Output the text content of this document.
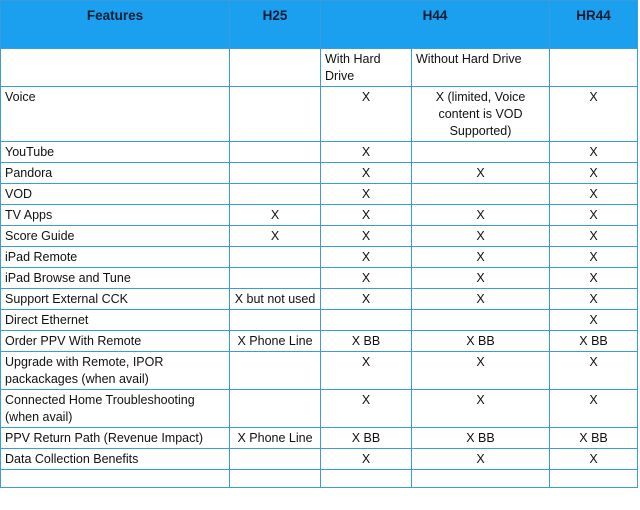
Features	H25	H44		HR44
		With Hard Drive	Without Hard Drive	
Voice		X	X (limited, Voice content is VOD Supported)	X
YouTube		X		X
Pandora		X	X	X
VOD		X		X
TV Apps	X	X	X	X
Score Guide	X	X	X	X
iPad Remote		X	X	X
iPad Browse and Tune		X	X	X
Support External CCK	X but not used	X	X	X
Direct Ethernet				X
Order PPV With Remote	X Phone Line	X BB	X BB	X BB
Upgrade with Remote, IPOR packackages (when avail)		X	X	X
Connected Home Troubleshooting (when avail)		X	X	X
PPV Return Path (Revenue Impact)	X Phone Line	X BB	X BB	X BB
Data Collection Benefits		X	X	X
